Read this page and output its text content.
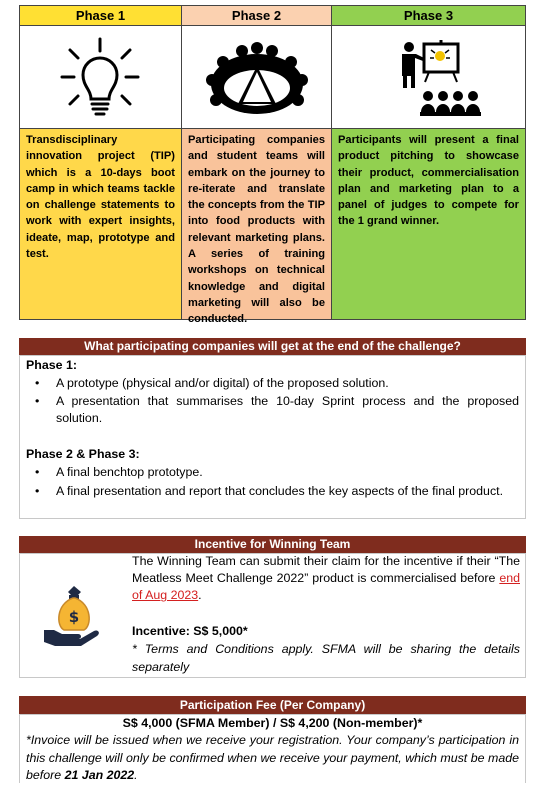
Phase 1
Transdisciplinary innovation project (TIP) which is a 10-days boot camp in which teams tackle on challenge statements to work with expert insights, ideate, map, prototype and test.
Phase 2
Participating companies and student teams will embark on the journey to re-iterate and translate the concepts from the TIP into food products with relevant marketing plans. A series of training workshops on technical knowledge and digital marketing will also be conducted.
Phase 3
Participants will present a final product pitching to showcase their product, commercialisation plan and marketing plan to a panel of judges to compete for the 1 grand winner.
What participating companies will get at the end of the challenge?
Phase 1:
• A prototype (physical and/or digital) of the proposed solution.
• A presentation that summarises the 10-day Sprint process and the proposed solution.
Phase 2 & Phase 3:
• A final benchtop prototype.
• A final presentation and report that concludes the key aspects of the final product.
Incentive for Winning Team
$
The Winning Team can submit their claim for the incentive if their “The Meatless Meet Challenge 2022” product is commercialised before end of Aug 2023.
Incentive: S$ 5,000*
* Terms and Conditions apply. SFMA will be sharing the details separately
Participation Fee (Per Company)
S$ 4,000 (SFMA Member) / S$ 4,200 (Non-member)*
*Invoice will be issued when we receive your registration. Your company’s participation in this challenge will only be confirmed when we receive your payment, which must be made before 21 Jan 2022.
